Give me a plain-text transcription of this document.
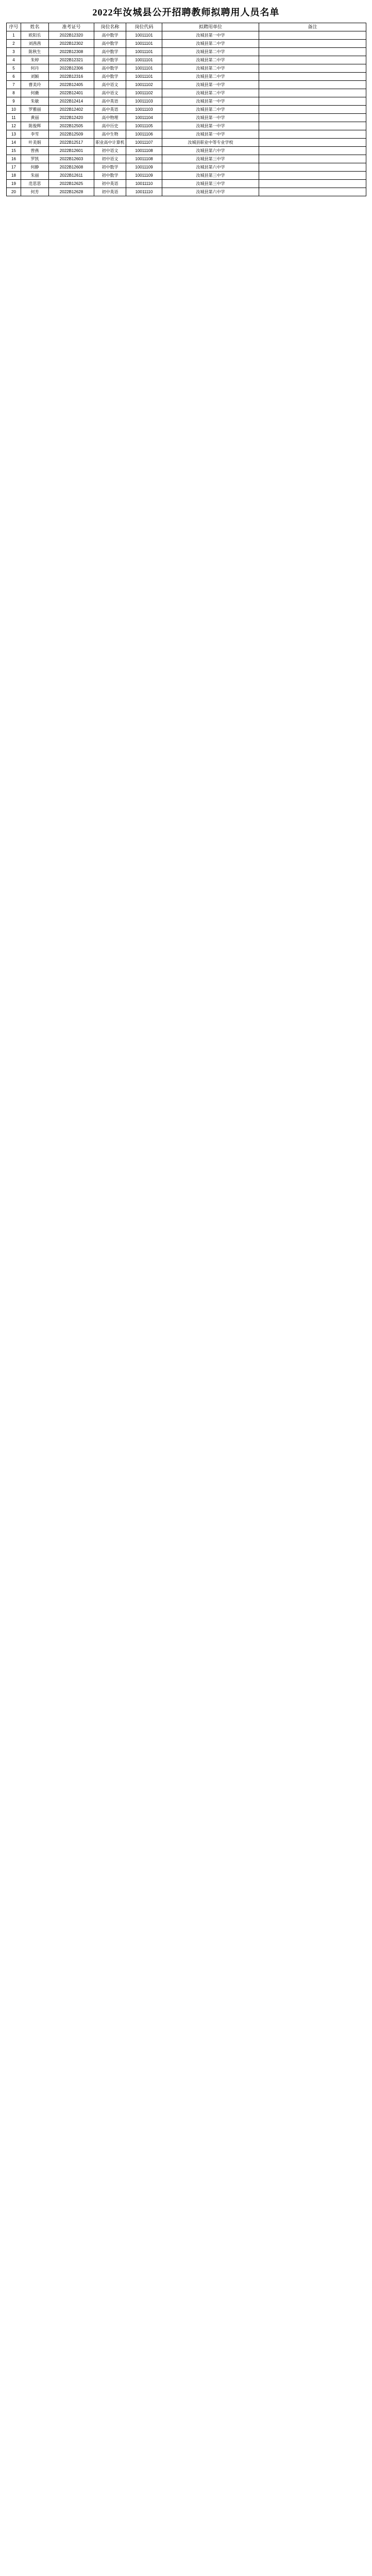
2022年汝城县公开招聘教师拟聘用人员名单
序号	姓名	准考证号	岗位名称	岗位代码	拟聘用单位	备注
1	欧阳乐	2022B12320	高中数学	10011101	汝城县第一中学	
2	刘茜茜	2022B12302	高中数学	10011101	汝城县第二中学	
3	陈秋生	2022B12308	高中数学	10011101	汝城县第二中学	
4	朱婷	2022B12321	高中数学	10011101	汝城县第二中学	
5	何丹	2022B12306	高中数学	10011101	汝城县第二中学	
6	刘颖	2022B12316	高中数学	10011101	汝城县第二中学	
7	曹美玲	2022B12405	高中语文	10011102	汝城县第一中学	
8	何薇	2022B12401	高中语文	10011102	汝城县第二中学	
9	朱敏	2022B12414	高中英语	10011103	汝城县第一中学	
10	罗雅丽	2022B12402	高中英语	10011103	汝城县第二中学	
11	黄丽	2022B12420	高中物理	10011104	汝城县第一中学	
12	陈俊辉	2022B12505	高中历史	10011105	汝城县第一中学	
13	李雪	2022B12509	高中生物	10011106	汝城县第一中学	
14	叶美娟	2022B12517	职业高中计算机	10011107	汝城县职业中等专业学校	
15	曾燕	2022B12601	初中语文	10011108	汝城县第六中学	
16	罗凯	2022B12603	初中语文	10011108	汝城县第三中学	
17	何静	2022B12608	初中数学	10011109	汝城县第六中学	
18	朱丽	2022B12611	初中数学	10011109	汝城县第三中学	
19	范思思	2022B12625	初中英语	10011110	汝城县第三中学	
20	何芳	2022B12628	初中英语	10011110	汝城县第六中学	
